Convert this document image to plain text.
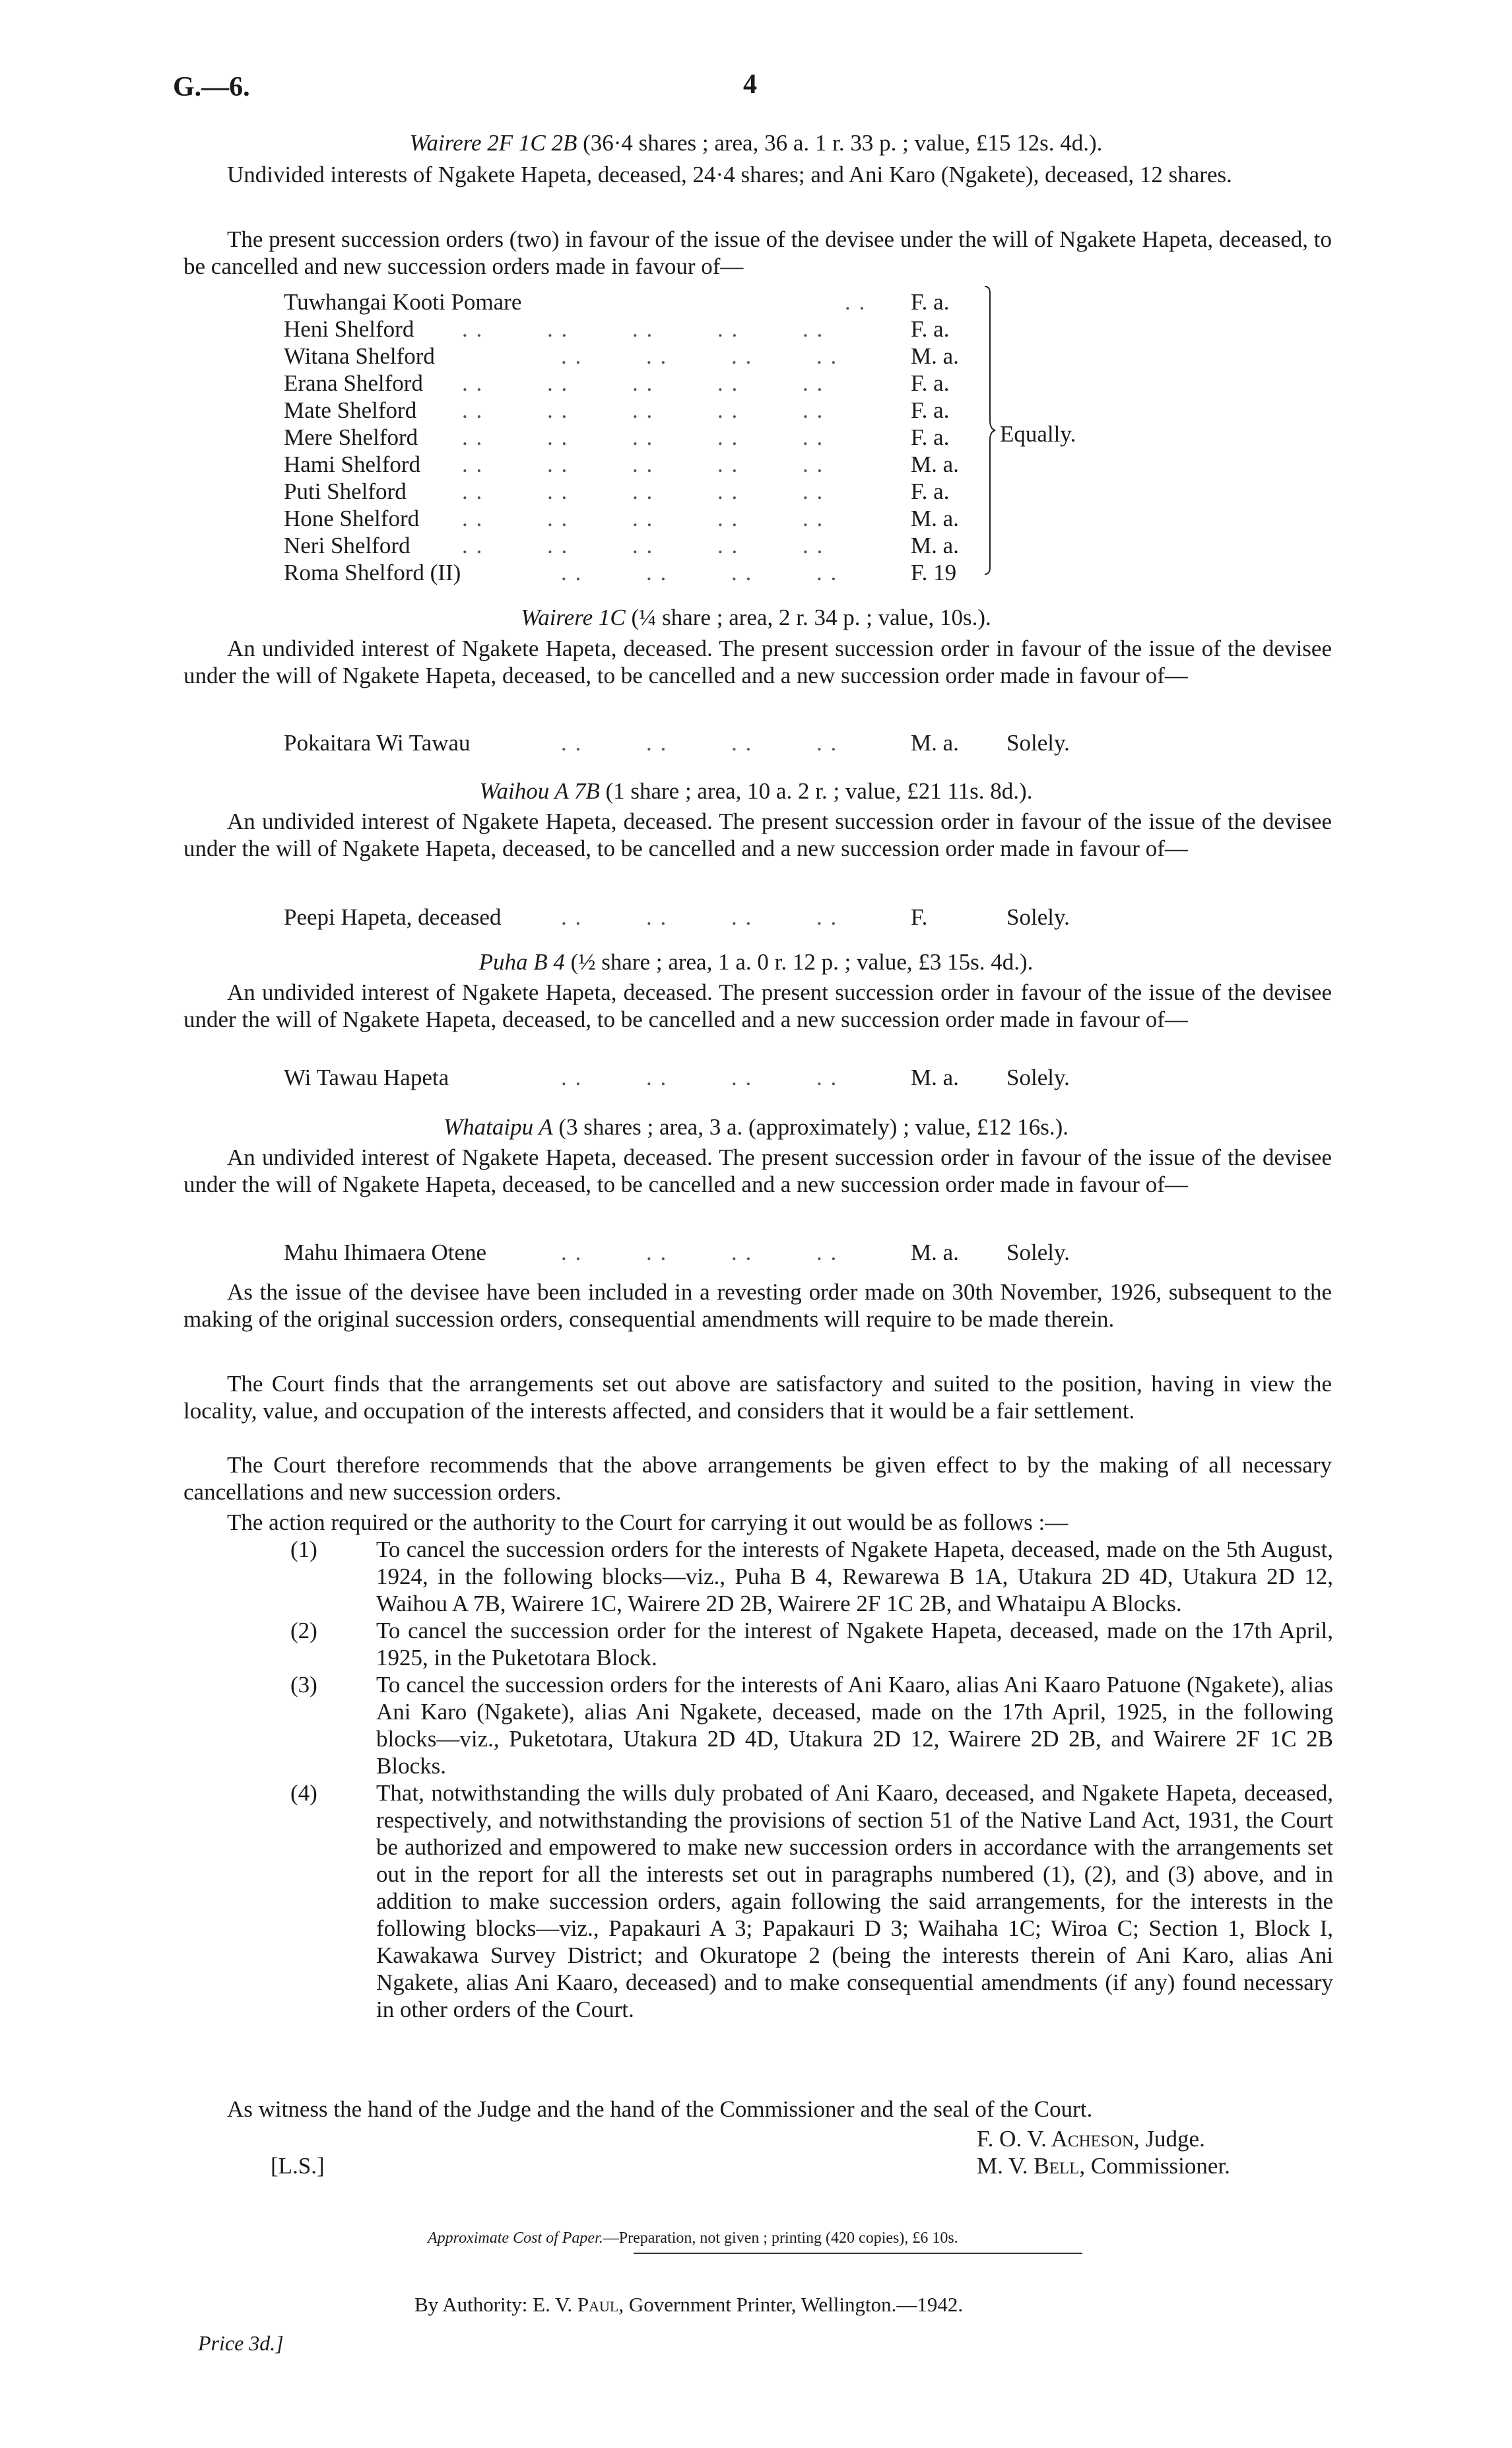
G.—6.	4
Wairere 2F 1C 2B (36·4 shares ; area, 36 a. 1 r. 33 p. ; value, £15 12s. 4d.).
Undivided interests of Ngakete Hapeta, deceased, 24·4 shares; and Ani Karo (Ngakete), deceased, 12 shares.
The present succession orders (two) in favour of the issue of the devisee under the will of Ngakete Hapeta, deceased, to be cancelled and new succession orders made in favour of—
Tuwhangai Kooti Pomare	. . F. a.
Heni Shelford . .         . .         . .         . .         . .	F. a.
Witana Shelford	. .         . .         . .         . .	M. a.
Erana Shelford . .         . .         . .         . .         . .	F. a.
Mate Shelford . .         . .         . .         . .         . .	F. a.
Mere Shelford . .         . .         . .         . .         . .	F. a.
Hami Shelford . .         . .         . .         . .         . .	M. a.
Puti Shelford . .         . .         . .         . .         . .	F. a.
Hone Shelford . .         . .         . .         . .         . .	M. a.
Neri Shelford . .         . .         . .         . .         . .	M. a.
Roma Shelford (II)	. .         . .         . .         . .	F. 19
Equally.
Wairere 1C (¼ share ; area, 2 r. 34 p. ; value, 10s.).
An undivided interest of Ngakete Hapeta, deceased. The present succession order in favour of the issue of the devisee under the will of Ngakete Hapeta, deceased, to be cancelled and a new succession order made in favour of—
Pokaitara Wi Tawau	. .         . .         . .         . .	M. a. Solely.
Waihou A 7B (1 share ; area, 10 a. 2 r. ; value, £21 11s. 8d.).
An undivided interest of Ngakete Hapeta, deceased. The present succession order in favour of the issue of the devisee under the will of Ngakete Hapeta, deceased, to be cancelled and a new succession order made in favour of—
Peepi Hapeta, deceased	. .         . .         . .         . .	F.	Solely.
Puha B 4 (½ share ; area, 1 a. 0 r. 12 p. ; value, £3 15s. 4d.).
An undivided interest of Ngakete Hapeta, deceased. The present succession order in favour of the issue of the devisee under the will of Ngakete Hapeta, deceased, to be cancelled and a new succession order made in favour of—
Wi Tawau Hapeta	. .         . .         . .         . .	M. a. Solely.
Whataipu A (3 shares ; area, 3 a. (approximately) ; value, £12 16s.).
An undivided interest of Ngakete Hapeta, deceased. The present succession order in favour of the issue of the devisee under the will of Ngakete Hapeta, deceased, to be cancelled and a new succession order made in favour of—
Mahu Ihimaera Otene	. .         . .         . .         . .	M. a. Solely.
As the issue of the devisee have been included in a revesting order made on 30th November, 1926, subsequent to the making of the original succession orders, consequential amendments will require to be made therein.
The Court finds that the arrangements set out above are satisfactory and suited to the position, having in view the locality, value, and occupation of the interests affected, and considers that it would be a fair settlement.
The Court therefore recommends that the above arrangements be given effect to by the making of all necessary cancellations and new succession orders.
The action required or the authority to the Court for carrying it out would be as follows :—
(1)	To cancel the succession orders for the interests of Ngakete Hapeta, deceased, made on the 5th August, 1924, in the following blocks—viz., Puha B 4, Rewarewa B 1A, Utakura 2D 4D, Utakura 2D 12, Waihou A 7B, Wairere 1C, Wairere 2D 2B, Wairere 2F 1C 2B, and Whataipu A Blocks.
(2)	To cancel the succession order for the interest of Ngakete Hapeta, deceased, made on the 17th April, 1925, in the Puketotara Block.
(3)	To cancel the succession orders for the interests of Ani Kaaro, alias Ani Kaaro Patuone (Ngakete), alias Ani Karo (Ngakete), alias Ani Ngakete, deceased, made on the 17th April, 1925, in the following blocks—viz., Puketotara, Utakura 2D 4D, Utakura 2D 12, Wairere 2D 2B, and Wairere 2F 1C 2B Blocks.
(4)	That, notwithstanding the wills duly probated of Ani Kaaro, deceased, and Ngakete Hapeta, deceased, respectively, and notwithstanding the provisions of section 51 of the Native Land Act, 1931, the Court be authorized and empowered to make new succession orders in accordance with the arrangements set out in the report for all the interests set out in paragraphs numbered (1), (2), and (3) above, and in addition to make succession orders, again following the said arrangements, for the interests in the following blocks—viz., Papakauri A 3; Papakauri D 3; Waihaha 1C; Wiroa C; Section 1, Block I, Kawakawa Survey District; and Okuratope 2 (being the interests therein of Ani Karo, alias Ani Ngakete, alias Ani Kaaro, deceased) and to make consequential amendments (if any) found necessary in other orders of the Court.
As witness the hand of the Judge and the hand of the Commissioner and the seal of the Court.
F. O. V. Acheson, Judge.
[L.S.]	M. V. Bell, Commissioner.
Approximate Cost of Paper.—Preparation, not given ; printing (420 copies), £6 10s.
By Authority: E. V. Paul, Government Printer, Wellington.—1942.
Price 3d.]
